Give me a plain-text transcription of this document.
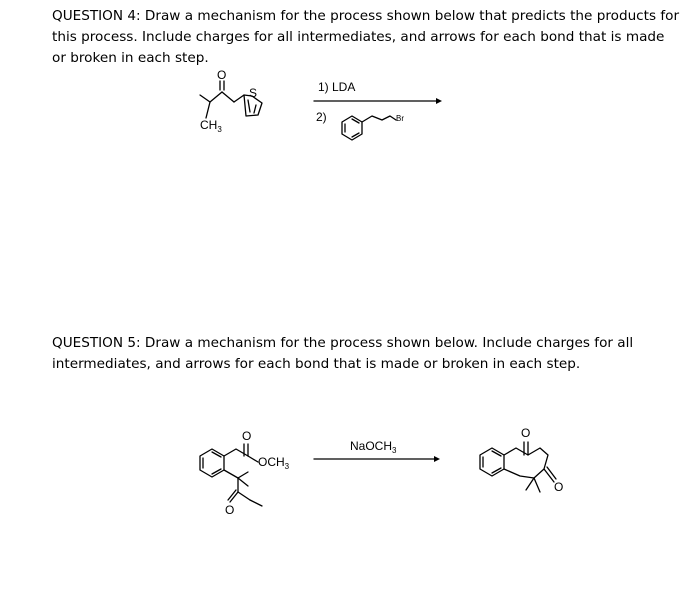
QUESTION 4: Draw a mechanism for the process shown below that predicts the products for this process. Include charges for all intermediates, and arrows for each bond that is made or broken in each step.
QUESTION 5: Draw a mechanism for the process shown below. Include charges for all intermediates, and arrows for each bond that is made or broken in each step.
O
$CH_3$
S	1) LDA
2)	Br
O
$OCH_3$
O
NaOCH$_3$
O
O
